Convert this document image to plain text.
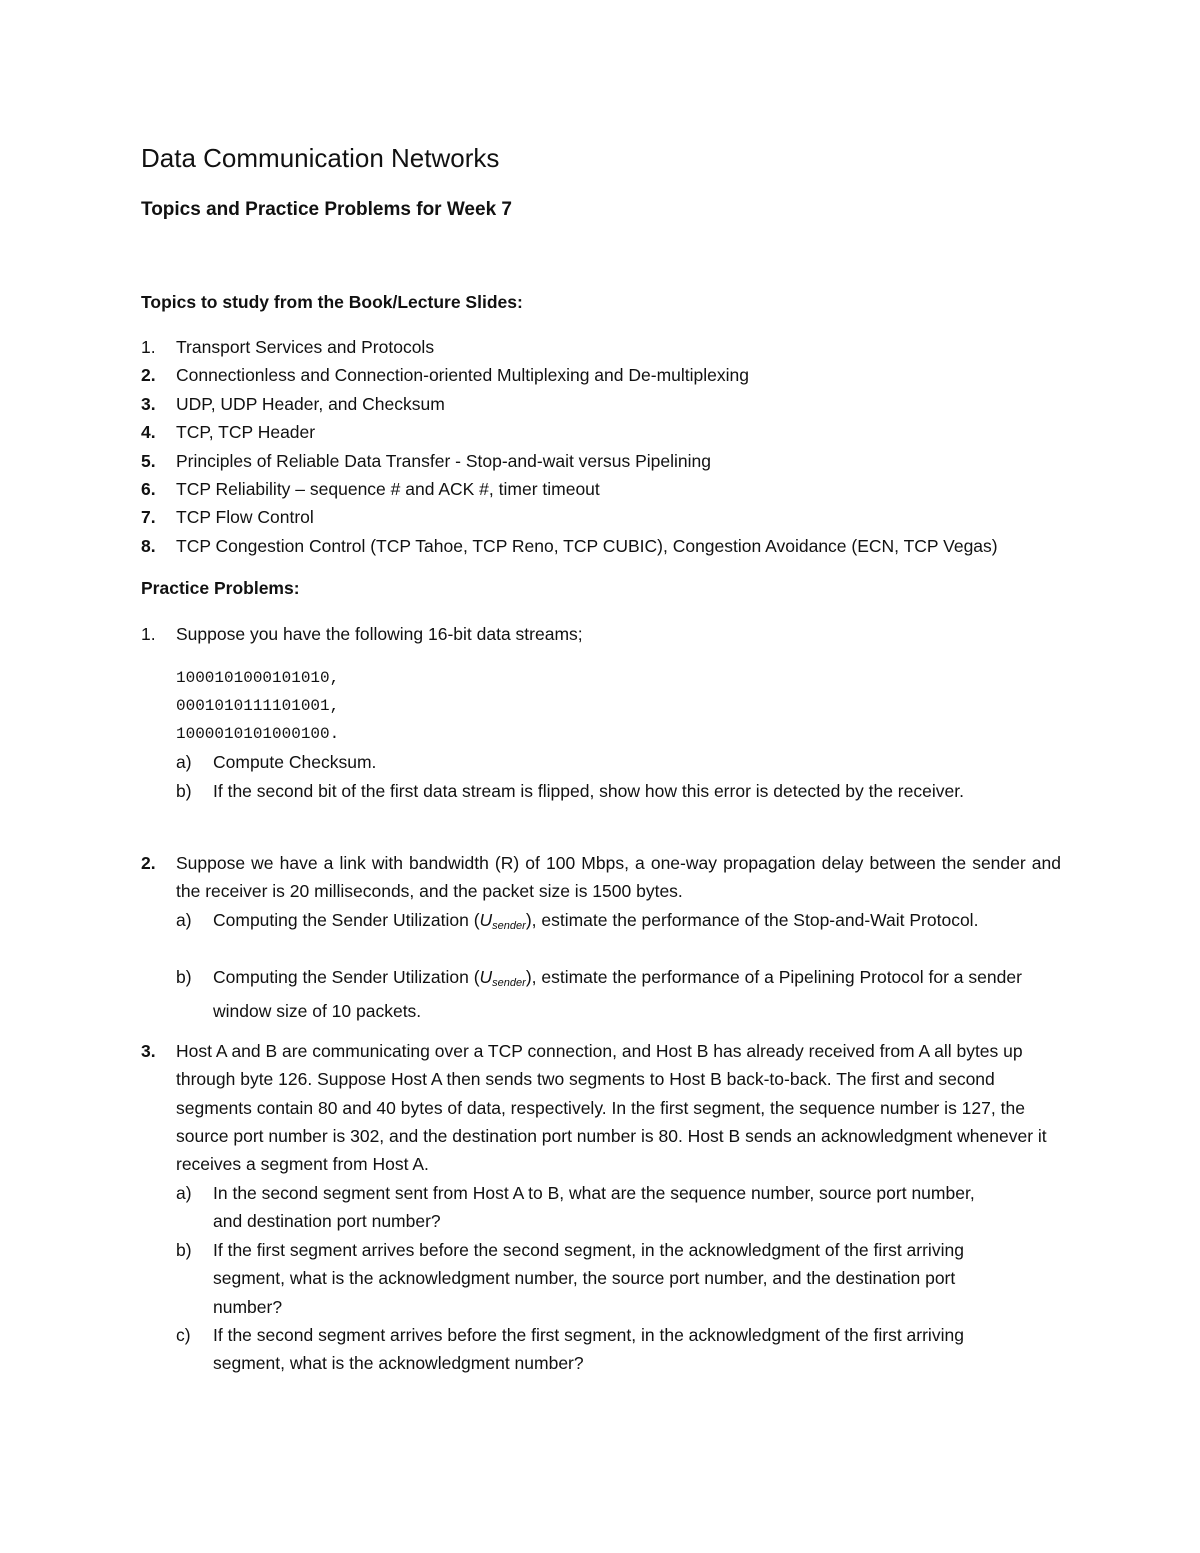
Data Communication Networks
Topics and Practice Problems for Week 7
Topics to study from the Book/Lecture Slides:
1.	Transport Services and Protocols
2.	Connectionless and Connection-oriented Multiplexing and De-multiplexing
3.	UDP, UDP Header, and Checksum
4.	TCP, TCP Header
5.	Principles of Reliable Data Transfer - Stop-and-wait versus Pipelining
6.	TCP Reliability – sequence # and ACK #, timer timeout
7.	TCP Flow Control
8.	TCP Congestion Control (TCP Tahoe, TCP Reno, TCP CUBIC), Congestion Avoidance (ECN, TCP Vegas)
Practice Problems:
1.	Suppose you have the following 16-bit data streams;
1000101000101010,
0001010111101001,
1000010101000100.
a) Compute Checksum.
b) If the second bit of the first data stream is flipped, show how this error is detected by the receiver.
2.	Suppose we have a link with bandwidth (R) of 100 Mbps, a one-way propagation delay between the sender and the receiver is 20 milliseconds, and the packet size is 1500 bytes.
a) Computing the Sender Utilization $(U_{sender})$, estimate the performance of the Stop-and-Wait Protocol.
b) Computing the Sender Utilization $(U_{sender})$, estimate the performance of a Pipelining Protocol for a sender window size of 10 packets.
3.	Host A and B are communicating over a TCP connection, and Host B has already received from A all bytes up through byte 126. Suppose Host A then sends two segments to Host B back-to-back. The first and second segments contain 80 and 40 bytes of data, respectively. In the first segment, the sequence number is 127, the source port number is 302, and the destination port number is 80. Host B sends an acknowledgment whenever it receives a segment from Host A.
a) In the second segment sent from Host A to B, what are the sequence number, source port number, and destination port number?
b) If the first segment arrives before the second segment, in the acknowledgment of the first arriving segment, what is the acknowledgment number, the source port number, and the destination port number?
c) If the second segment arrives before the first segment, in the acknowledgment of the first arriving segment, what is the acknowledgment number?
